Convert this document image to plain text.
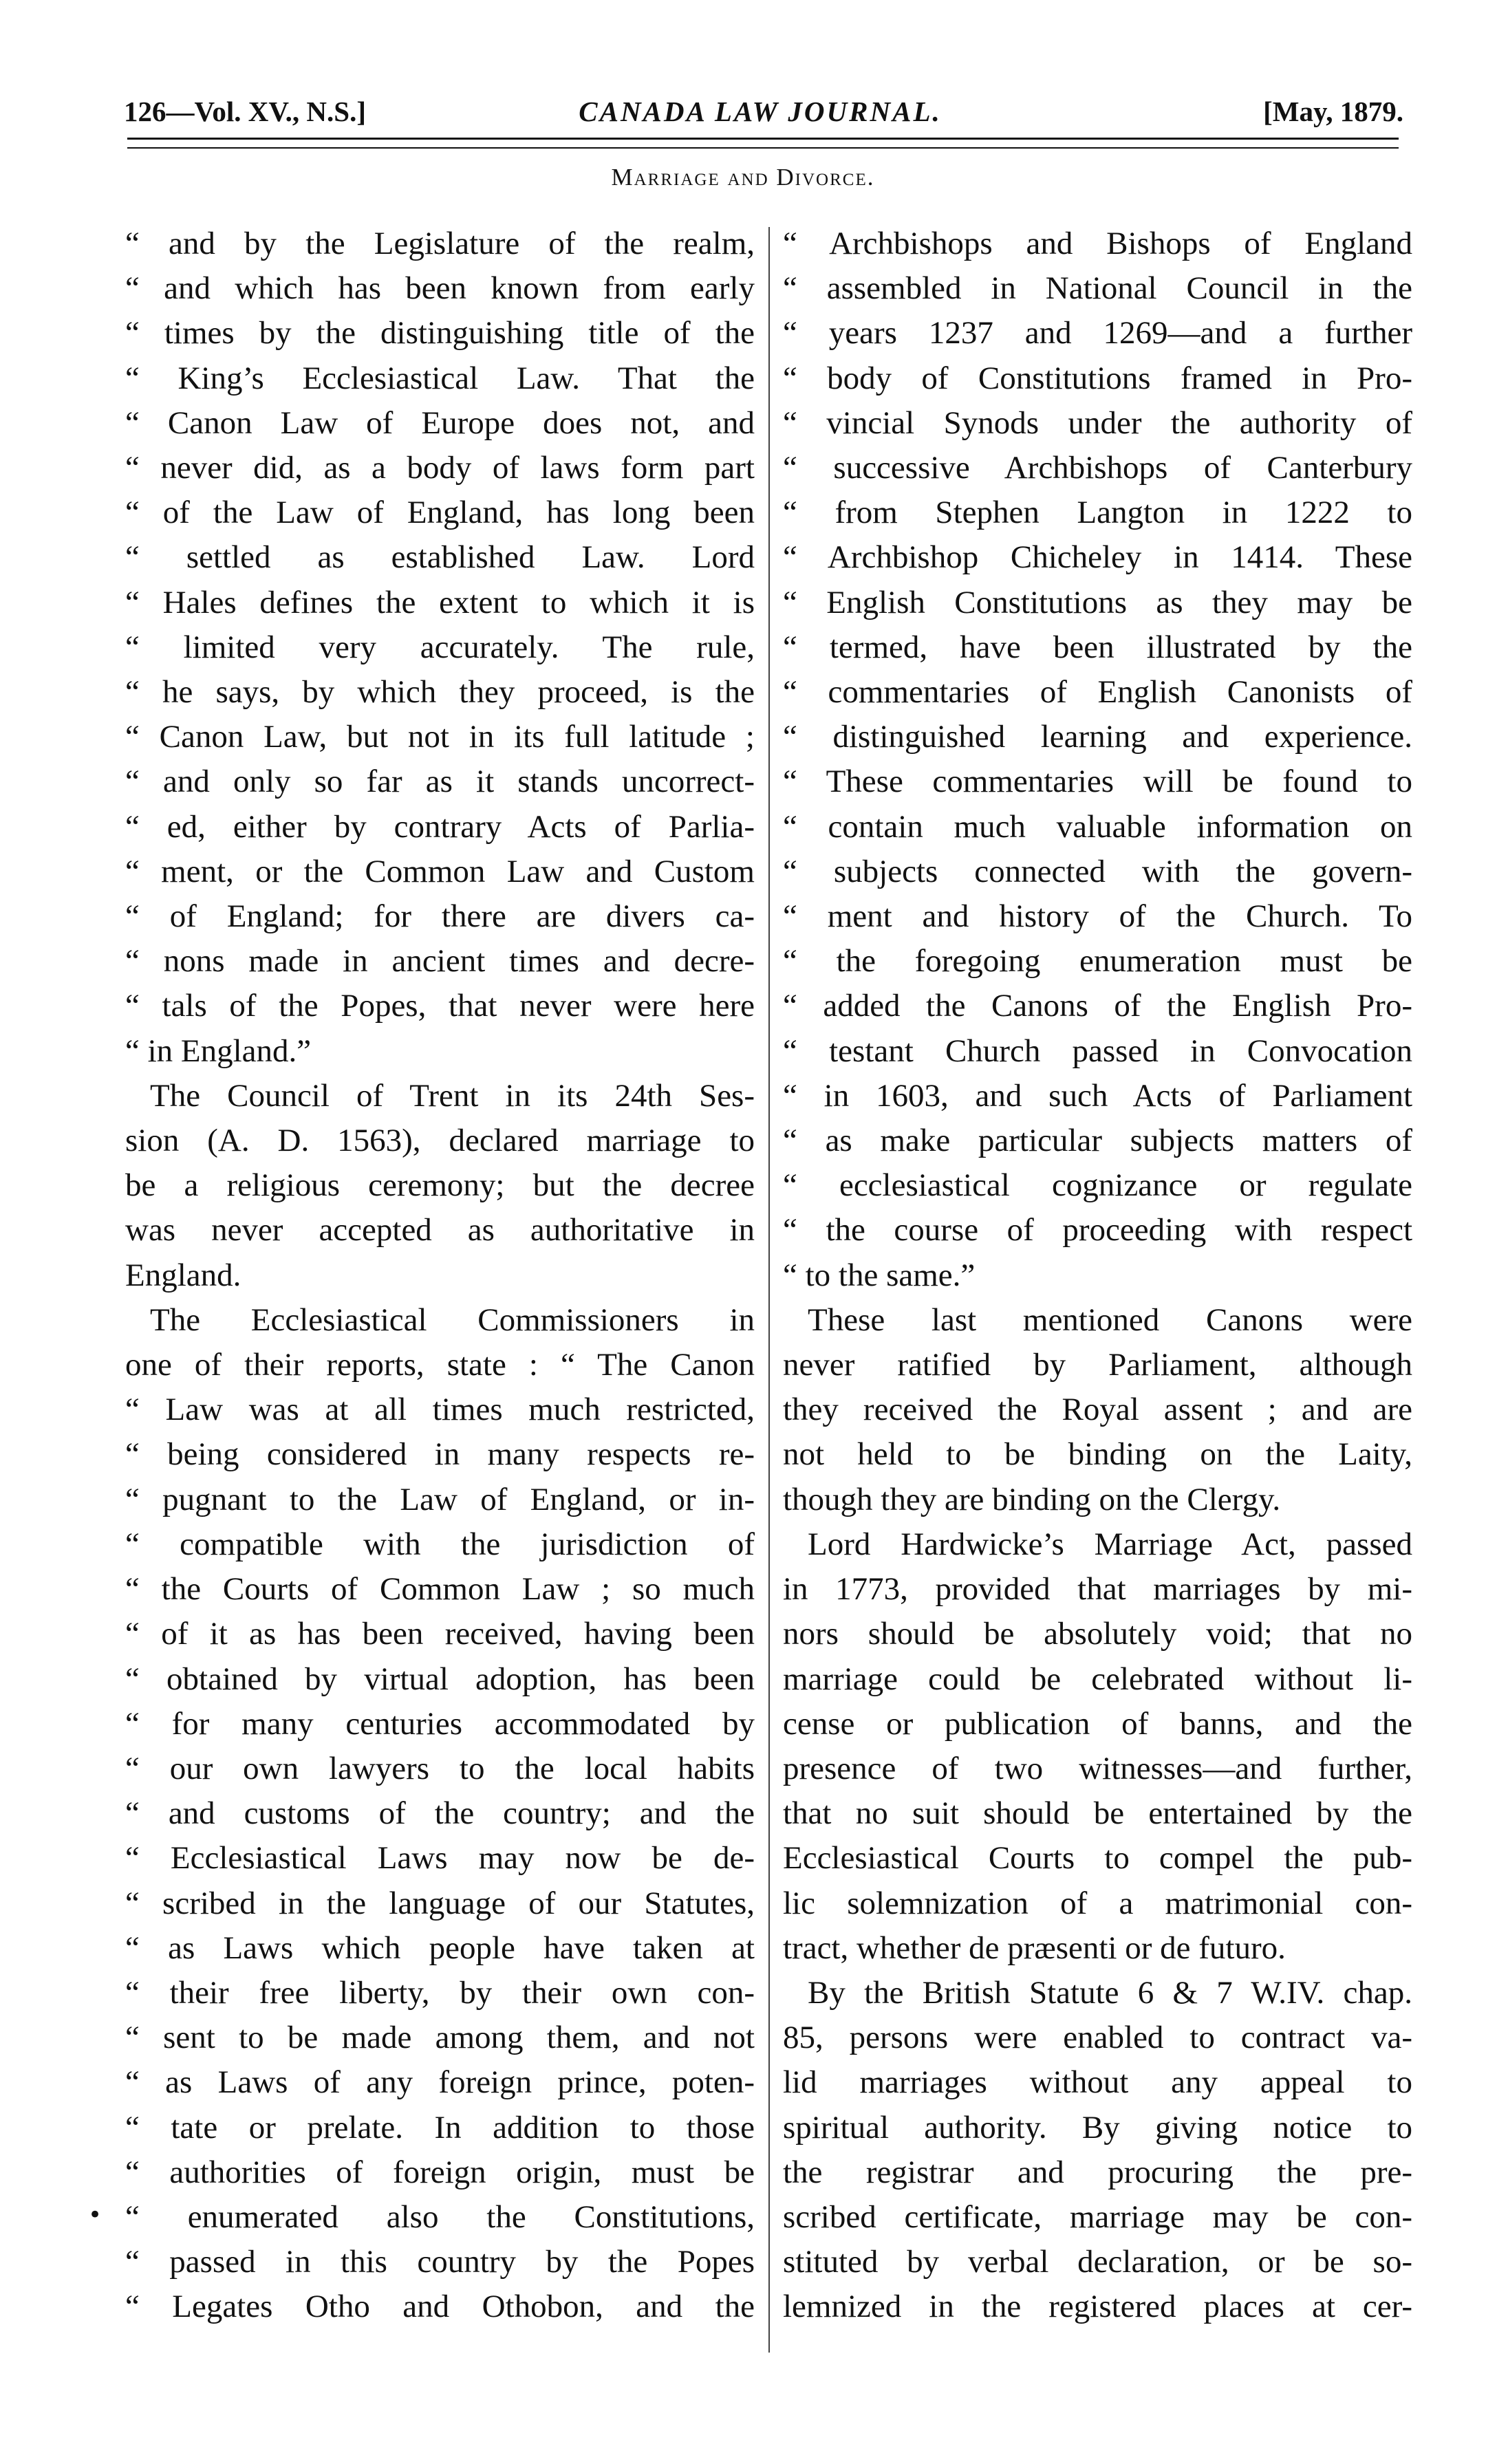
126—Vol. XV., N.S.]	CANADA LAW JOURNAL.	[May, 1879.
Marriage and Divorce.
“ and by the Legislature of the realm,
“ and which has been known from early
“ times by the distinguishing title of the
“ King’s Ecclesiastical Law. That the
“ Canon Law of Europe does not, and
“ never did, as a body of laws form part
“ of the Law of England, has long been
“ settled as established Law. Lord
“ Hales defines the extent to which it is
“ limited very accurately. The rule,
“ he says, by which they proceed, is the
“ Canon Law, but not in its full latitude ;
“ and only so far as it stands uncorrect-
“ ed, either by contrary Acts of Parlia-
“ ment, or the Common Law and Custom
“ of England; for there are divers ca-
“ nons made in ancient times and decre-
“ tals of the Popes, that never were here
“ in England.”
The Council of Trent in its 24th Ses-
sion (A. D. 1563), declared marriage to
be a religious ceremony; but the decree
was never accepted as authoritative in
England.
The Ecclesiastical Commissioners in
one of their reports, state : “ The Canon
“ Law was at all times much restricted,
“ being considered in many respects re-
“ pugnant to the Law of England, or in-
“ compatible with the jurisdiction of
“ the Courts of Common Law ; so much
“ of it as has been received, having been
“ obtained by virtual adoption, has been
“ for many centuries accommodated by
“ our own lawyers to the local habits
“ and customs of the country; and the
“ Ecclesiastical Laws may now be de-
“ scribed in the language of our Statutes,
“ as Laws which people have taken at
“ their free liberty, by their own con-
“ sent to be made among them, and not
“ as Laws of any foreign prince, poten-
“ tate or prelate. In addition to those
“ authorities of foreign origin, must be
“ enumerated also the Constitutions,
“ passed in this country by the Popes
“ Legates Otho and Othobon, and the
“ Archbishops and Bishops of England
“ assembled in National Council in the
“ years 1237 and 1269—and a further
“ body of Constitutions framed in Pro-
“ vincial Synods under the authority of
“ successive Archbishops of Canterbury
“ from Stephen Langton in 1222 to
“ Archbishop Chicheley in 1414. These
“ English Constitutions as they may be
“ termed, have been illustrated by the
“ commentaries of English Canonists of
“ distinguished learning and experience.
“ These commentaries will be found to
“ contain much valuable information on
“ subjects connected with the govern-
“ ment and history of the Church. To
“ the foregoing enumeration must be
“ added the Canons of the English Pro-
“ testant Church passed in Convocation
“ in 1603, and such Acts of Parliament
“ as make particular subjects matters of
“ ecclesiastical cognizance or regulate
“ the course of proceeding with respect
“ to the same.”
These last mentioned Canons were
never ratified by Parliament, although
they received the Royal assent ; and are
not held to be binding on the Laity,
though they are binding on the Clergy.
Lord Hardwicke’s Marriage Act, passed
in 1773, provided that marriages by mi-
nors should be absolutely void; that no
marriage could be celebrated without li-
cense or publication of banns, and the
presence of two witnesses—and further,
that no suit should be entertained by the
Ecclesiastical Courts to compel the pub-
lic solemnization of a matrimonial con-
tract, whether de præsenti or de futuro.
By the British Statute 6 & 7 W.IV. chap.
85, persons were enabled to contract va-
lid marriages without any appeal to
spiritual authority. By giving notice to
the registrar and procuring the pre-
scribed certificate, marriage may be con-
stituted by verbal declaration, or be so-
lemnized in the registered places at cer-
•
